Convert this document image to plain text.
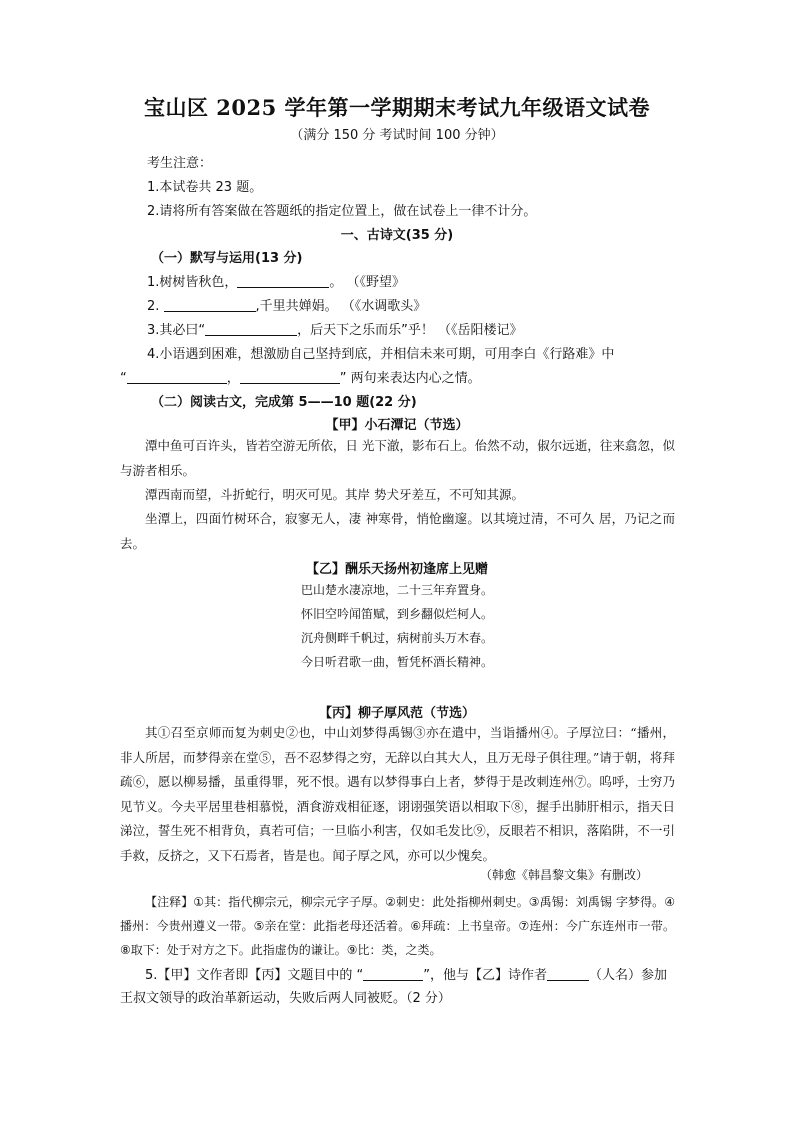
宝山区 2025 学年第一学期期末考试九年级语文试卷
（满分 150 分 考试时间 100 分钟）
考生注意：
1.本试卷共 23 题。
2.请将所有答案做在答题纸的指定位置上，做在试卷上一律不计分。
一、古诗文(35 分)
（一）默写与运用(13 分)
1.树树皆秋色，	。 （《野望》
2.	,千里共婵娟。 （《水调歌头》
3.其必曰“	，后天下之乐而乐”乎！ （《岳阳楼记》
4.小语遇到困难，想激励自己坚持到底，并相信未来可期，可用李白《行路难》中
“	，	” 两句来表达内心之情。
（二）阅读古文，完成第 5——10 题(22 分)
【甲】小石潭记（节选）
潭中鱼可百许头，皆若空游无所依，日 光下澈，影布石上。佁然不动，俶尔远逝，往来翕忽，似与游者相乐。
潭西南而望，斗折蛇行，明灭可见。其岸 势犬牙差互，不可知其源。
坐潭上，四面竹树环合，寂寥无人，凄 神寒骨，悄怆幽邃。以其境过清，不可久 居，乃记之而去。
【乙】酬乐天扬州初逢席上见赠
巴山楚水凄凉地，二十三年弃置身。
怀旧空吟闻笛赋，到乡翻似烂柯人。
沉舟侧畔千帆过，病树前头万木春。
今日听君歌一曲，暂凭杯酒长精神。
【丙】柳子厚风范（节选）
其①召至京师而复为刺史②也，中山刘梦得禹锡③亦在遣中，当诣播州④。子厚泣曰：“播州，非人所居，而梦得亲在堂⑤，吾不忍梦得之穷，无辞以白其大人，且万无母子俱往理。”请于朝，将拜疏⑥，愿以柳易播，虽重得罪，死不恨。遇有以梦得事白上者，梦得于是改刺连州⑦。呜呼，士穷乃见节义。今夫平居里巷相慕悦，酒食游戏相征逐，诩诩强笑语以相取下⑧，握手出肺肝相示，指天日涕泣，誓生死不相背负，真若可信；一旦临小利害，仅如毛发比⑨，反眼若不相识，落陷阱，不一引手救，反挤之，又下石焉者，皆是也。闻子厚之风，亦可以少愧矣。
（韩愈《韩昌黎文集》有删改）
【注释】①其：指代柳宗元，柳宗元字子厚。②刺史：此处指柳州刺史。③禹锡：刘禹锡 字梦得。④播州：今贵州遵义一带。⑤亲在堂：此指老母还活着。⑥拜疏：上书皇帝。⑦连州：今广东连州市一带。⑧取下：处于对方之下。此指虚伪的谦让。⑨比：类，之类。
5.【甲】文作者即【丙】文题目中的 “	”，他与【乙】诗作者	（人名）参加王叔文领导的政治革新运动，失败后两人同被贬。（2 分）
